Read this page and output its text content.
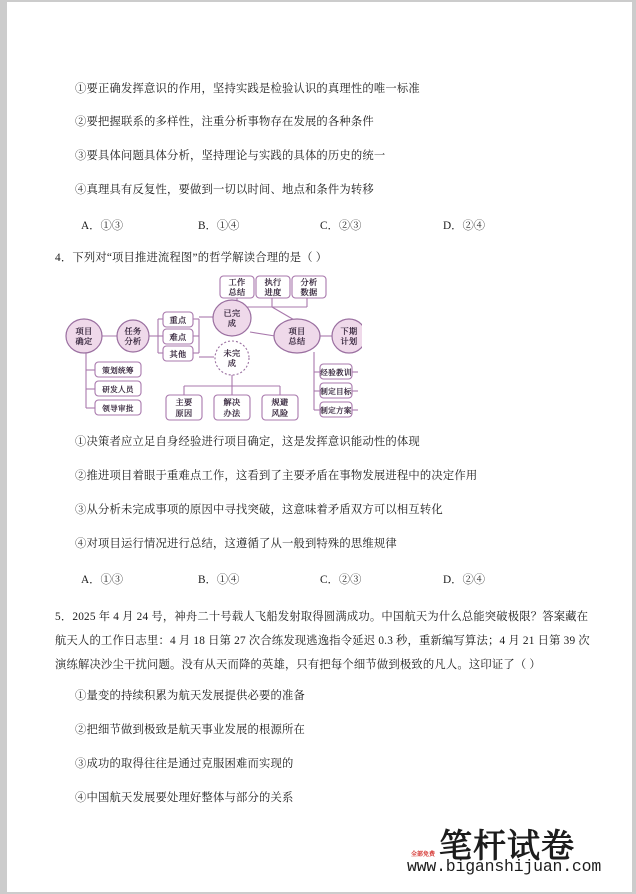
①要正确发挥意识的作用，坚持实践是检验认识的真理性的唯一标准
②要把握联系的多样性，注重分析事物存在发展的各种条件
③要具体问题具体分析，坚持理论与实践的具体的历史的统一
④真理具有反复性，要做到一切以时间、地点和条件为转移
A．①③	B．①④	C．②③	D．②④
4．下列对“项目推进流程图”的哲学解读合理的是（ ）
项目
确定
任务
分析
策划统筹
研发人员
领导审批
重点
难点
其他
已完
成
未完
成
主要
原因
解决
办法
规避
风险
工作
总结
执行
进度
分析
数据
项目
总结
下期
计划
经验教训
制定目标
制定方案
①决策者应立足自身经验进行项目确定，这是发挥意识能动性的体现
②推进项目着眼于重难点工作，这看到了主要矛盾在事物发展进程中的决定作用
③从分析未完成事项的原因中寻找突破，这意味着矛盾双方可以相互转化
④对项目运行情况进行总结，这遵循了从一般到特殊的思维规律
A．①③	B．①④	C．②③	D．②④
5．2025 年 4 月 24 号，神舟二十号载人飞船发射取得圆满成功。中国航天为什么总能突破极限？答案藏在
航天人的工作日志里：4 月 18 日第 27 次合练发现逃逸指令延迟 0.3 秒，重新编写算法；4 月 21 日第 39 次
演练解决沙尘干扰问题。没有从天而降的英雄，只有把每个细节做到极致的凡人。这印证了（ ）
①量变的持续积累为航天发展提供必要的准备
②把细节做到极致是航天事业发展的根源所在
③成功的取得往往是通过克服困难而实现的
④中国航天发展要处理好整体与部分的关系
笔杆试卷
全部免费
www.biganshijuan.com
